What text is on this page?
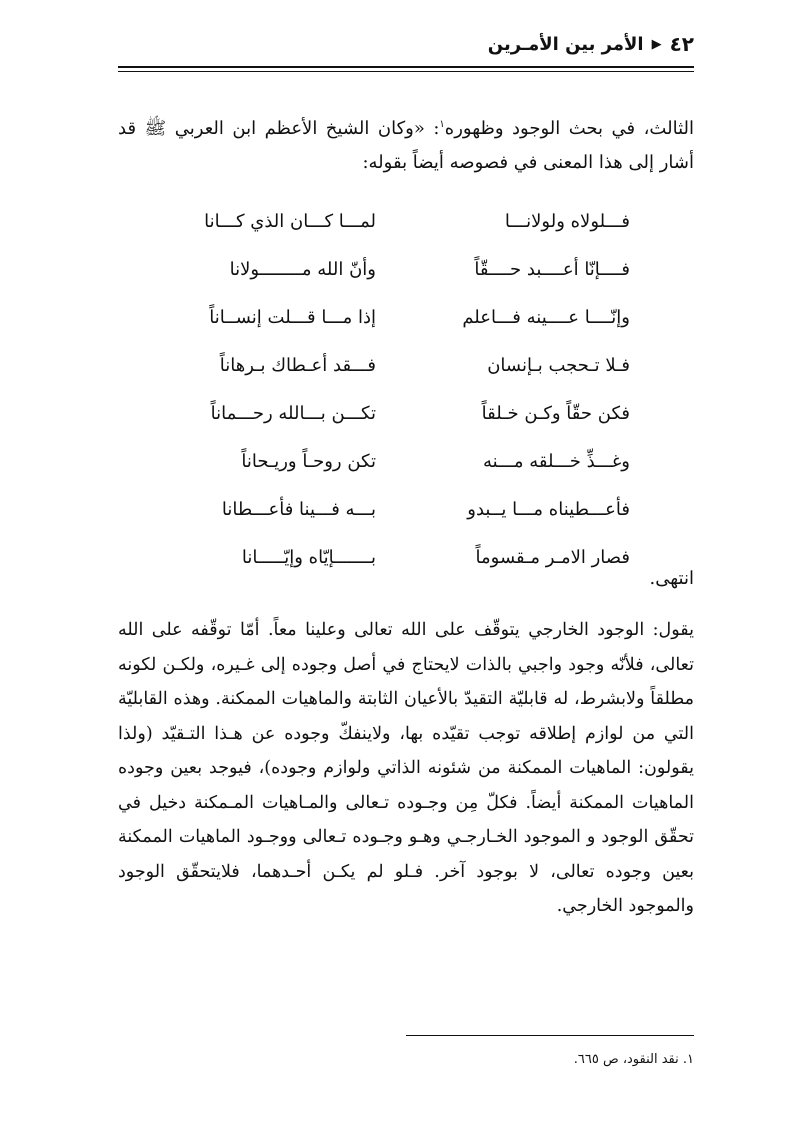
٤٢
▶
الأمر بين الأمـرين

الثالث، في بحث الوجود وظهوره$^١$: «وكان الشيخ الأعظم ابن العربي ﷺ قد أشار إلى هذا المعنى في فصوصه أيضاً بقوله:

فـــلولاه ولولانـــا
لمـــا كـــان الذي كـــانا
فــــإنّا أعــــبد حــــقّاً
وأنّ الله مــــــــولانا
وإنّــــا عــــينه فـــاعلم
إذا مـــا قـــلت إنســاناً
فـلا تـحجب بـإنسان
فـــقد أعـطاك بـرهاناً
فكن حقّاً وكـن خـلقاً
تكـــن بـــالله رحـــماناً
وغـــذِّ خـــلقه مـــنه
تكن روحـاً وريـحاناً
فأعـــطيناه مـــا يــبدو
بـــه فـــينا فأعـــطانا
فصار الامـر مـقسوماً
بـــــــإيّاه وإيّـــــانا
انتهى.

يقول: الوجود الخارجي يتوقّف على الله تعالى وعلينا معاً. أمّا توقّفه على الله تعالى، فلأنّه وجود واجبي بالذات لايحتاج في أصل وجوده إلى غـيره، ولكـن لكونه مطلقاً ولابشرط، له قابليّة التقيدّ بالأعيان الثابتة والماهيات الممكنة. وهذه القابليّة التي من لوازم إطلاقه توجب تقيّده بها، ولاينفكّ وجوده عن هـذا التـقيّد (ولذا يقولون: الماهيات الممكنة من شئونه الذاتي ولوازم وجوده)، فيوجد بعين وجوده الماهيات الممكنة أيضاً. فكلّ مِن وجـوده تـعالى والمـاهيات المـمكنة دخيل في تحقّق الوجود و الموجود الخـارجـي وهـو وجـوده تـعالى ووجـود الماهيات الممكنة بعين وجوده تعالى، لا بوجود آخر. فـلو لم يكـن أحـدهما، فلايتحقّق الوجود والموجود الخارجي.

١. نقد النقود، ص ٦٦٥.
